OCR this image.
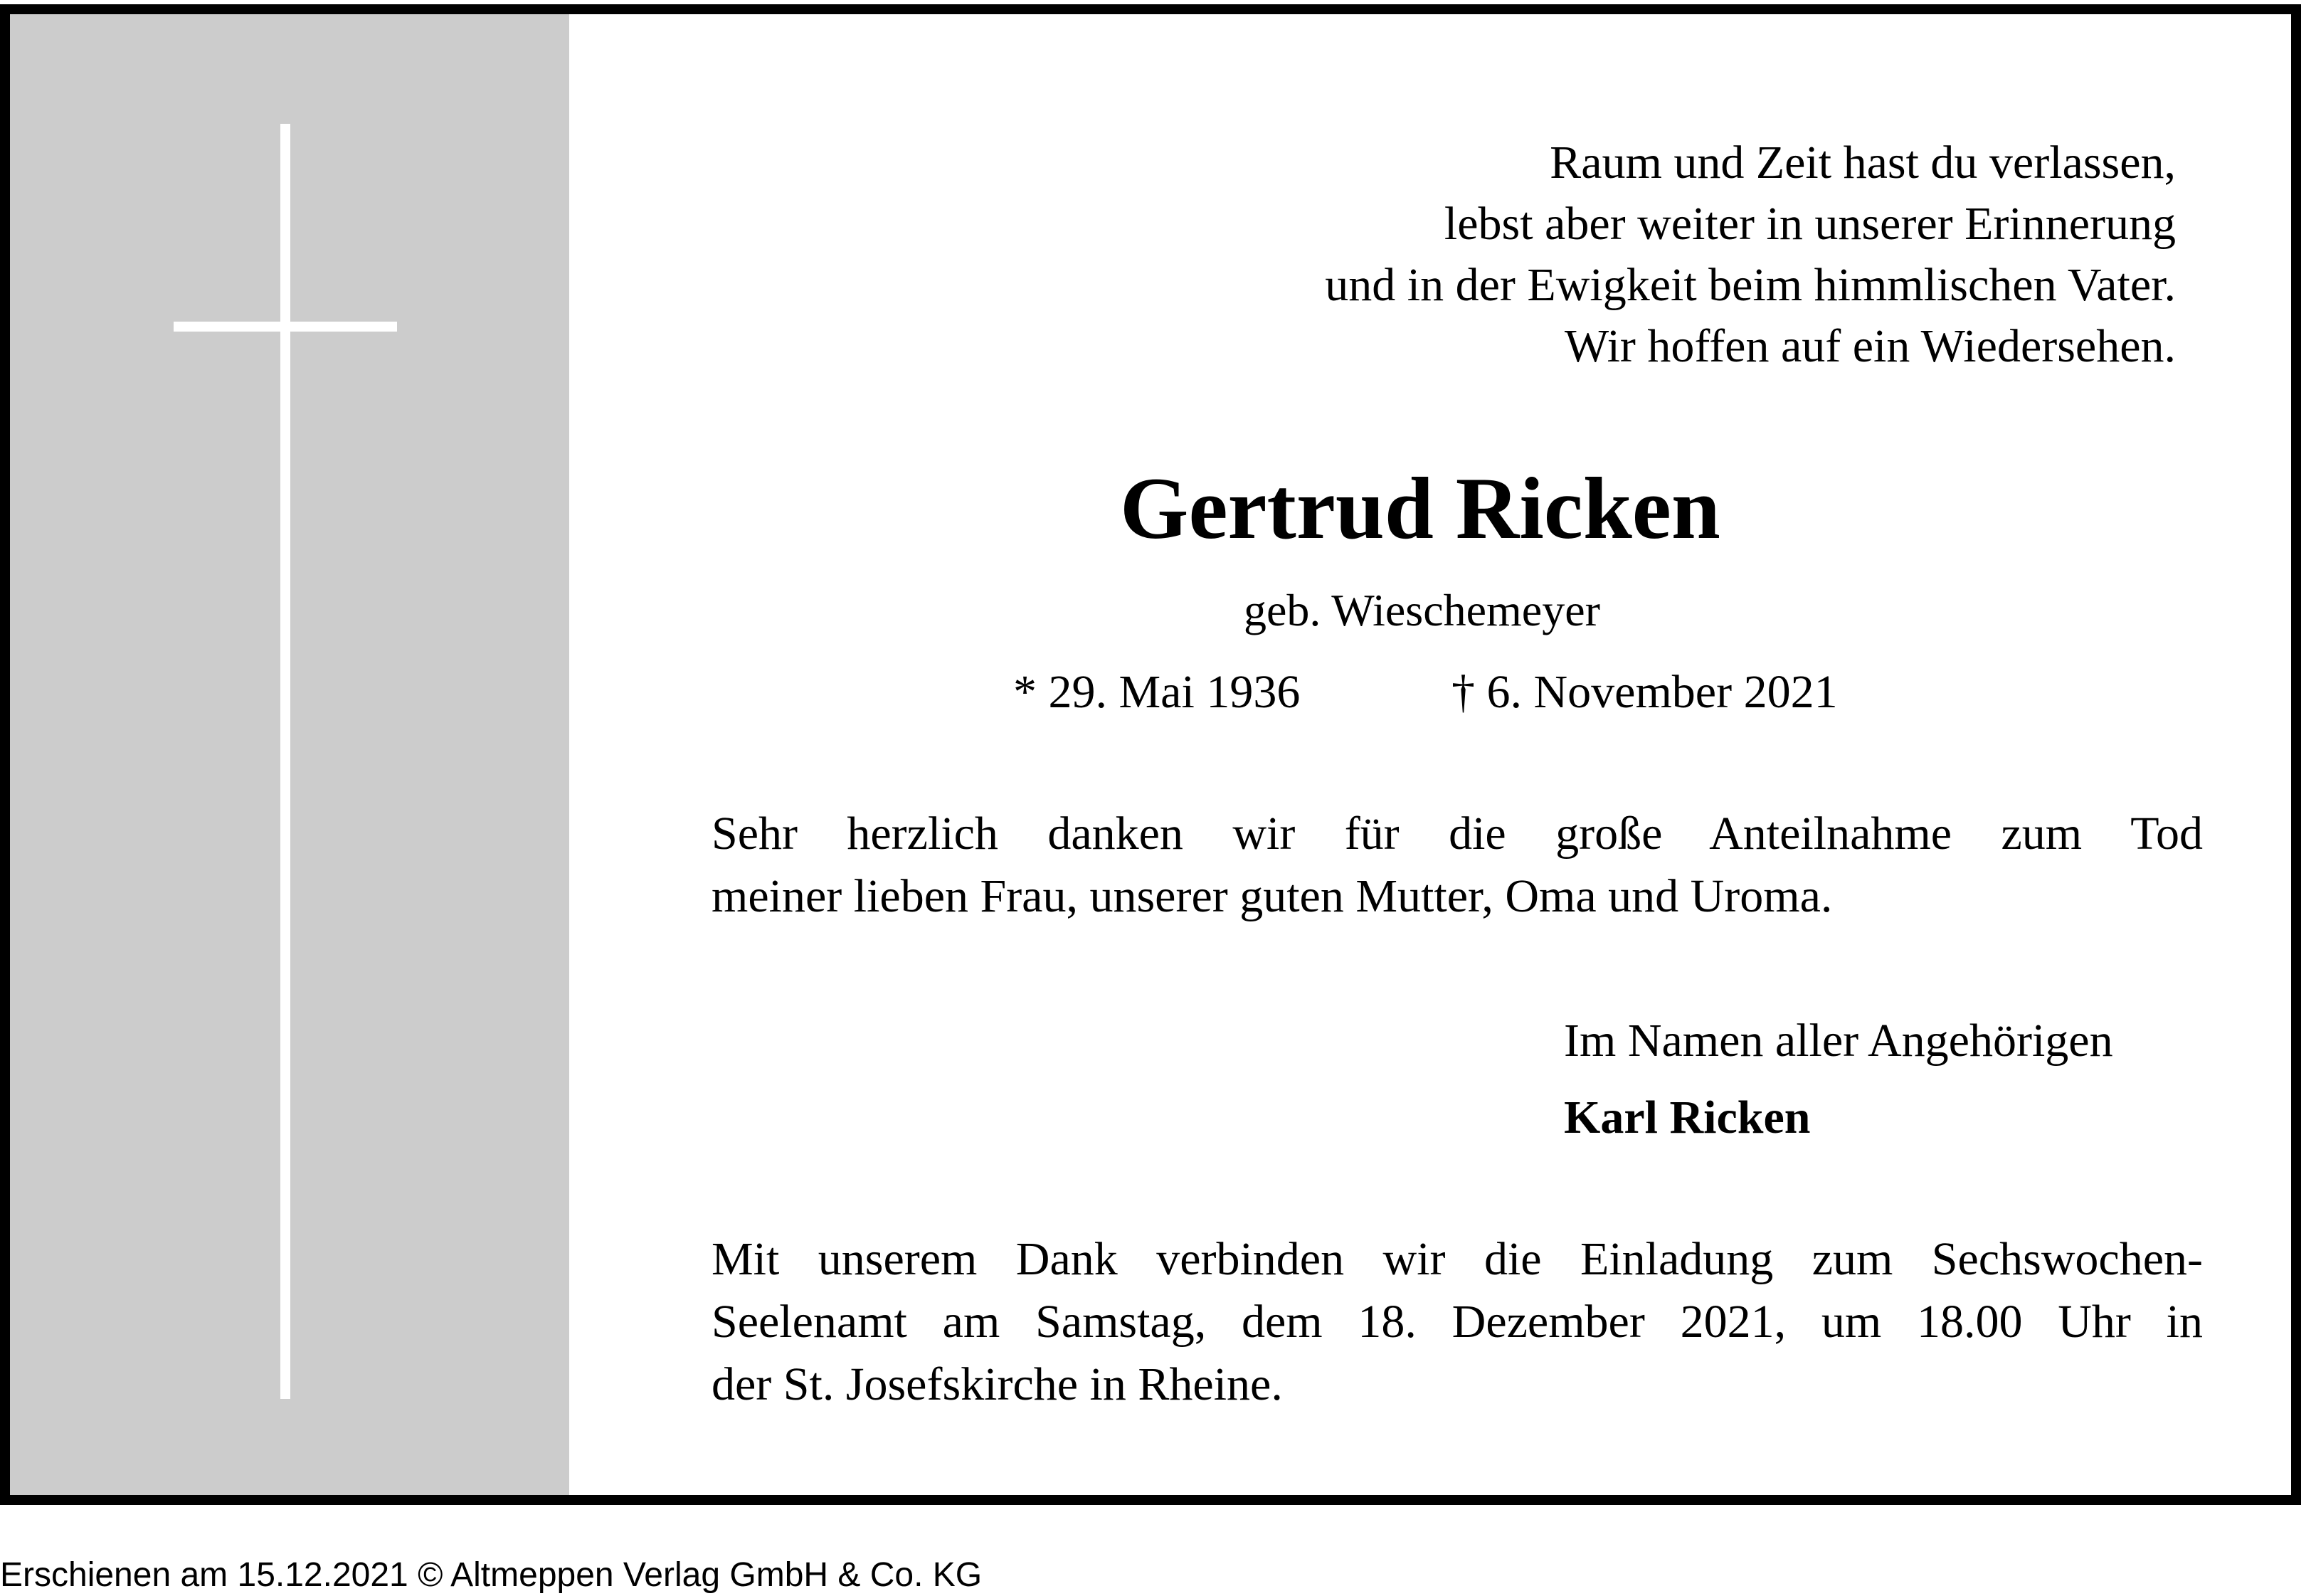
Raum und Zeit hast du verlassen,
lebst aber weiter in unserer Erinnerung
und in der Ewigkeit beim himmlischen Vater.
Wir hoffen auf ein Wiedersehen.
Gertrud Ricken
geb. Wieschemeyer
* 29. Mai 1936	† 6. November 2021
Sehr herzlich danken wir für die große Anteilnahme zum Tod
meiner lieben Frau, unserer guten Mutter, Oma und Uroma.
Im Namen aller Angehörigen
Karl Ricken
Mit unserem Dank verbinden wir die Einladung zum Sechswochen-
Seelenamt am Samstag, dem 18. Dezember 2021, um 18.00 Uhr in
der St. Josefskirche in Rheine.
Erschienen am 15.12.2021 © Altmeppen Verlag GmbH & Co. KG
